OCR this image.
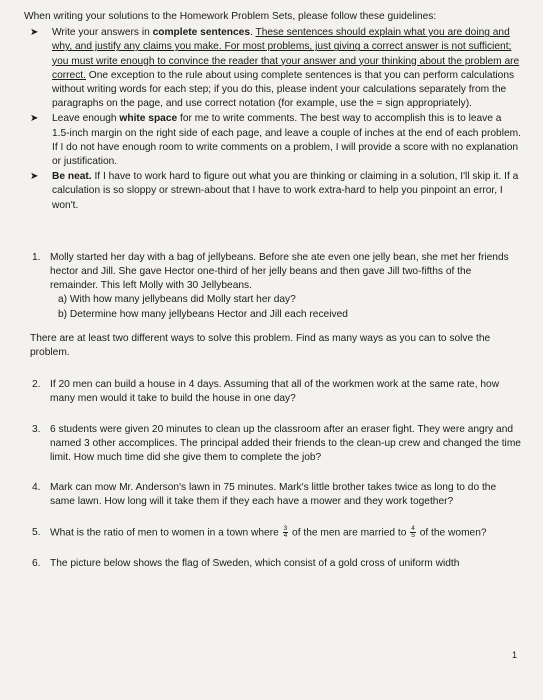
When writing your solutions to the Homework Problem Sets, please follow these guidelines:
➤ Write your answers in complete sentences. These sentences should explain what you are doing and why, and justify any claims you make. For most problems, just giving a correct answer is not sufficient; you must write enough to convince the reader that your answer and your thinking about the problem are correct. One exception to the rule about using complete sentences is that you can perform calculations without writing words for each step; if you do this, please indent your calculations separately from the paragraphs on the page, and use correct notation (for example, use the = sign appropriately).
➤ Leave enough white space for me to write comments. The best way to accomplish this is to leave a 1.5-inch margin on the right side of each page, and leave a couple of inches at the end of each problem. If I do not have enough room to write comments on a problem, I will provide a score with no explanation or justification.
➤ Be neat. If I have to work hard to figure out what you are thinking or claiming in a solution, I'll skip it. If a calculation is so sloppy or strewn-about that I have to work extra-hard to help you pinpoint an error, I won't.
1. Molly started her day with a bag of jellybeans. Before she ate even one jelly bean, she met her friends hector and Jill. She gave Hector one-third of her jelly beans and then gave Jill two-fifths of the remainder. This left Molly with 30 Jellybeans.
a) With how many jellybeans did Molly start her day?
b) Determine how many jellybeans Hector and Jill each received
There are at least two different ways to solve this problem. Find as many ways as you can to solve the problem.
2. If 20 men can build a house in 4 days. Assuming that all of the workmen work at the same rate, how many men would it take to build the house in one day?
3. 6 students were given 20 minutes to clean up the classroom after an eraser fight. They were angry and named 3 other accomplices. The principal added their friends to the clean-up crew and changed the time limit. How much time did she give them to complete the job?
4. Mark can mow Mr. Anderson's lawn in 75 minutes. Mark's little brother takes twice as long to do the same lawn. How long will it take them if they each have a mower and they work together?
5. What is the ratio of men to women in a town where $\frac{3}{4}$ of the men are married to $\frac{4}{5}$ of the women?
6. The picture below shows the flag of Sweden, which consist of a gold cross of uniform width
1
